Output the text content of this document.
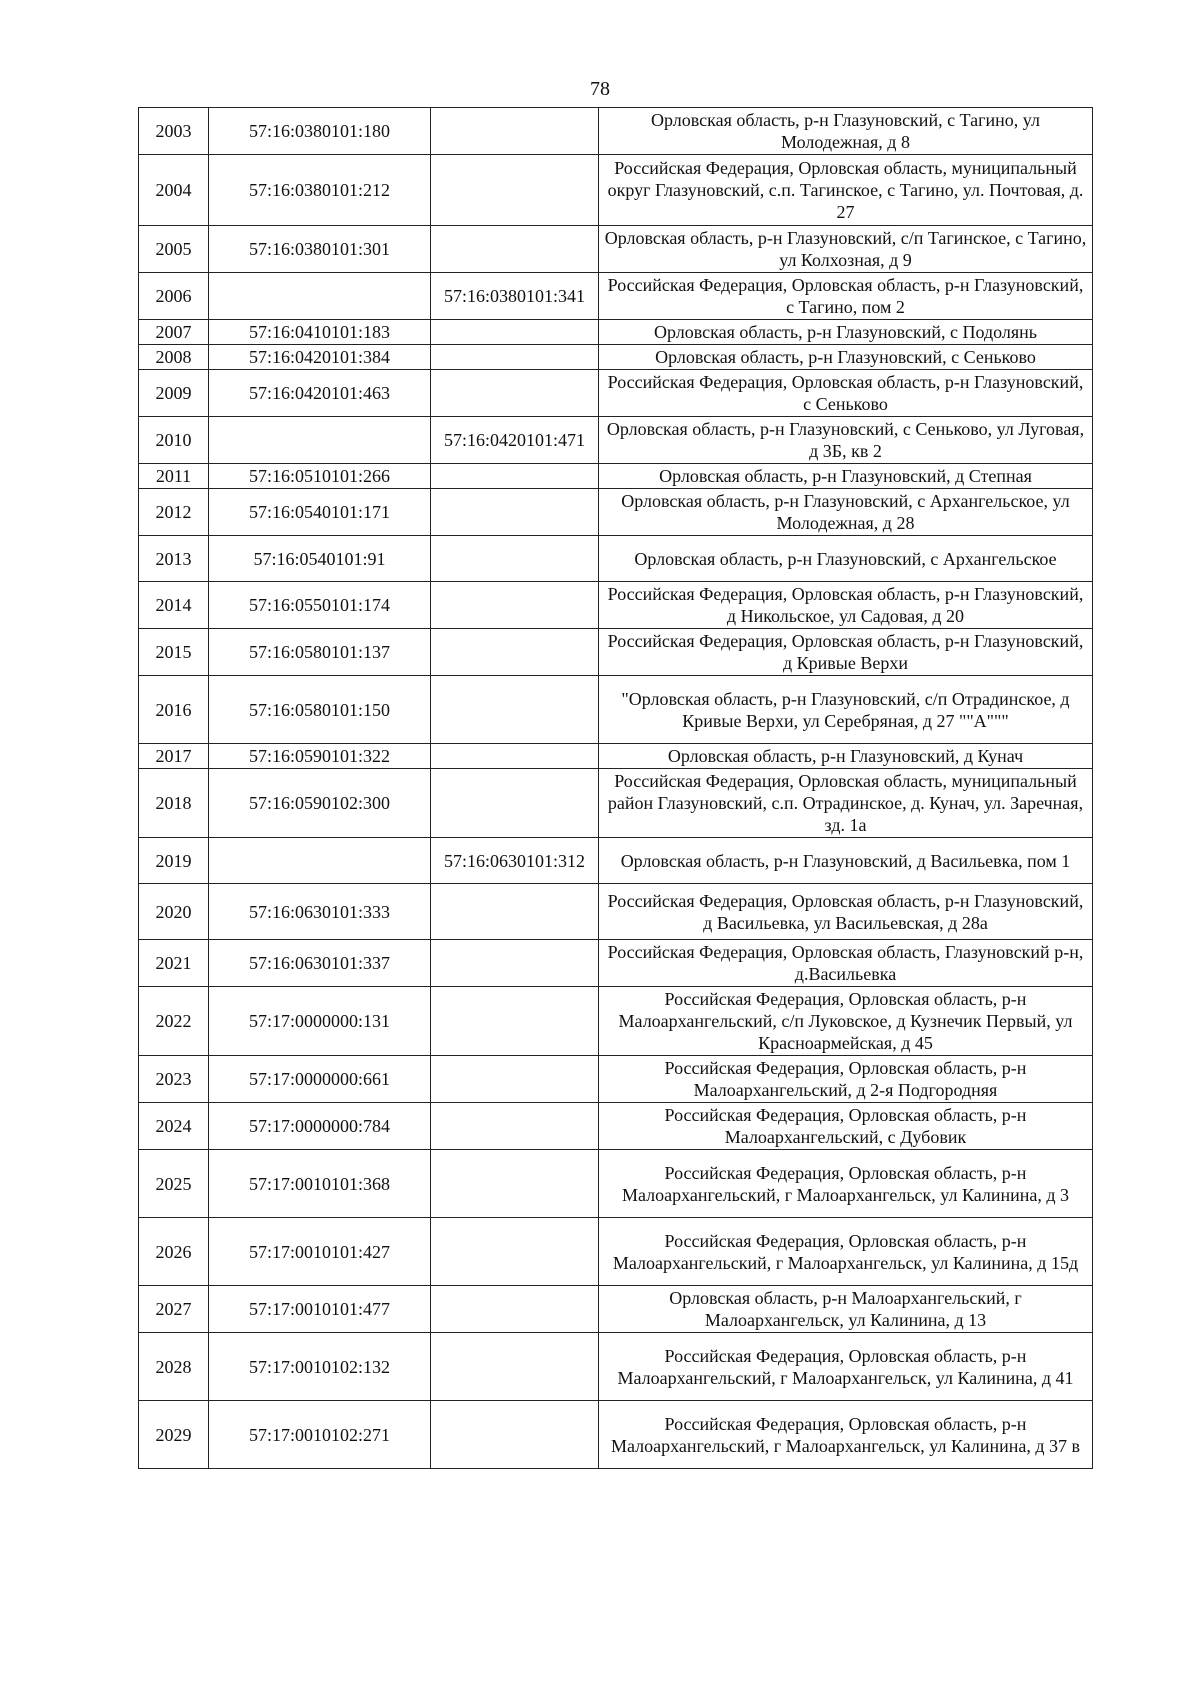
78
2003	57:16:0380101:180		Орловская область, р-н Глазуновский, с Тагино, ул Молодежная, д 8
2004	57:16:0380101:212		Российская Федерация, Орловская область, муниципальный округ Глазуновский, с.п. Тагинское, с Тагино, ул. Почтовая, д. 27
2005	57:16:0380101:301		Орловская область, р-н Глазуновский, с/п Тагинское, с Тагино, ул Колхозная, д 9
2006		57:16:0380101:341	Российская Федерация, Орловская область, р-н Глазуновский, с Тагино, пом 2
2007	57:16:0410101:183		Орловская область, р-н Глазуновский, с Подолянь
2008	57:16:0420101:384		Орловская область, р-н Глазуновский, с Сеньково
2009	57:16:0420101:463		Российская Федерация, Орловская область, р-н Глазуновский, с Сеньково
2010		57:16:0420101:471	Орловская область, р-н Глазуновский, с Сеньково, ул Луговая, д 3Б, кв 2
2011	57:16:0510101:266		Орловская область, р-н Глазуновский, д Степная
2012	57:16:0540101:171		Орловская область, р-н Глазуновский, с Архангельское, ул Молодежная, д 28
2013	57:16:0540101:91		Орловская область, р-н Глазуновский, с Архангельское
2014	57:16:0550101:174		Российская Федерация, Орловская область, р-н Глазуновский, д Никольское, ул Садовая, д 20
2015	57:16:0580101:137		Российская Федерация, Орловская область, р-н Глазуновский, д Кривые Верхи
2016	57:16:0580101:150		"Орловская область, р-н Глазуновский, с/п Отрадинское, д Кривые Верхи, ул Серебряная, д 27 ""А"""
2017	57:16:0590101:322		Орловская область, р-н Глазуновский, д Кунач
2018	57:16:0590102:300		Российская Федерация, Орловская область, муниципальный район Глазуновский, с.п. Отрадинское, д. Кунач, ул. Заречная, зд. 1а
2019		57:16:0630101:312	Орловская область, р-н Глазуновский, д Васильевка, пом 1
2020	57:16:0630101:333		Российская Федерация, Орловская область, р-н Глазуновский, д Васильевка, ул Васильевская, д 28а
2021	57:16:0630101:337		Российская Федерация, Орловская область, Глазуновский р-н, д.Васильевка
2022	57:17:0000000:131		Российская Федерация, Орловская область, р-н Малоархангельский, с/п Луковское, д Кузнечик Первый, ул Красноармейская, д 45
2023	57:17:0000000:661		Российская Федерация, Орловская область, р-н Малоархангельский, д 2-я Подгородняя
2024	57:17:0000000:784		Российская Федерация, Орловская область, р-н Малоархангельский, с Дубовик
2025	57:17:0010101:368		Российская Федерация, Орловская область, р-н Малоархангельский, г Малоархангельск, ул Калинина, д 3
2026	57:17:0010101:427		Российская Федерация, Орловская область, р-н Малоархангельский, г Малоархангельск, ул Калинина, д 15д
2027	57:17:0010101:477		Орловская область, р-н Малоархангельский, г Малоархангельск, ул Калинина, д 13
2028	57:17:0010102:132		Российская Федерация, Орловская область, р-н Малоархангельский, г Малоархангельск, ул Калинина, д 41
2029	57:17:0010102:271		Российская Федерация, Орловская область, р-н Малоархангельский, г Малоархангельск, ул Калинина, д 37 в
